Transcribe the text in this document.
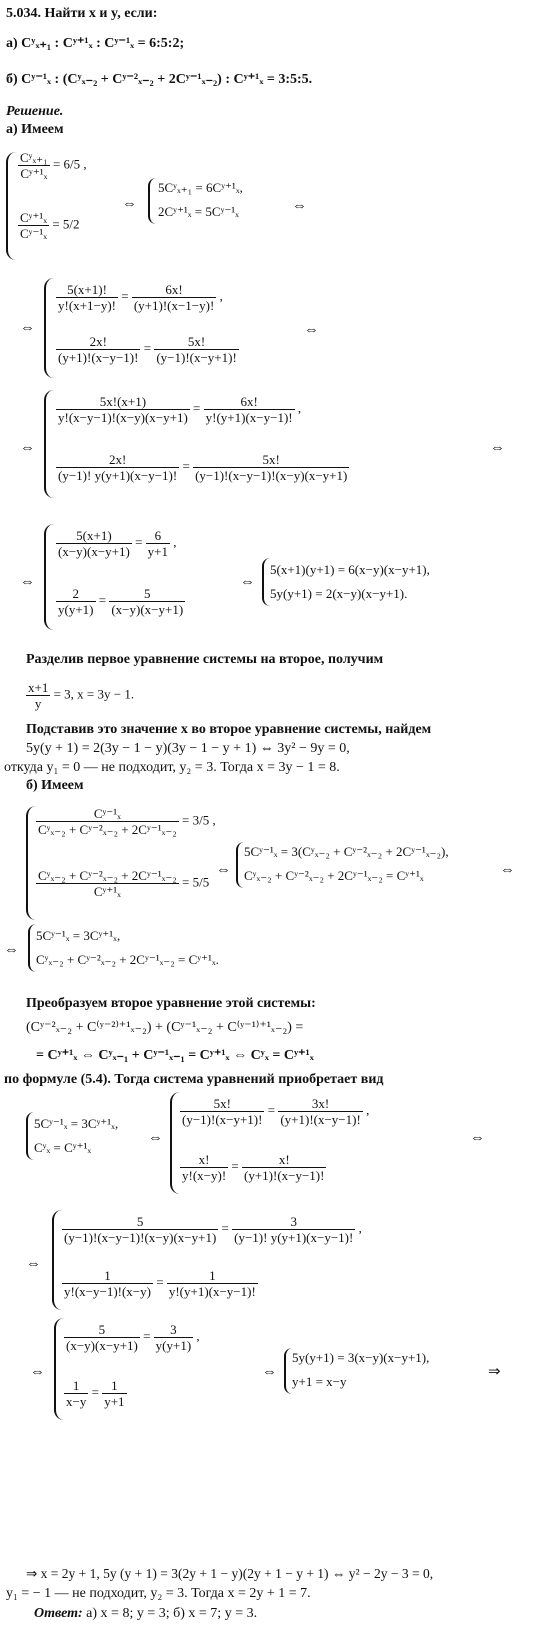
5.034. Найти x и y, если:
а) Cʸₓ₊₁ : Cʸ⁺¹ₓ : Cʸ⁻¹ₓ = 6:5:2;
б) Cʸ⁻¹ₓ : (Cʸₓ₋₂ + Cʸ⁻²ₓ₋₂ + 2Cʸ⁻¹ₓ₋₂) : Cʸ⁺¹ₓ = 3:5:5.
Решение.
а) Имеем
$\frac{\text{Cʸₓ₊₁}}{\text{Cʸ⁺¹ₓ}} = 6/5$ ,
$\frac{\text{Cʸ⁺¹ₓ}}{\text{Cʸ⁻¹ₓ}} = 5/2$
⇔
5Cʸₓ₊₁ = 6Cʸ⁺¹ₓ,
2Cʸ⁺¹ₓ = 5Cʸ⁻¹ₓ	⇔
⇔
$\frac{5(x+1)!}{y!(x+1-y)!} = \frac{6x!}{(y+1)!(x-1-y)!}$ ,
$\frac{2x!}{(y+1)!(x-y-1)!} = \frac{5x!}{(y-1)!(x-y+1)!}$
⇔
⇔
$\frac{5x!(x+1)}{y!(x-y-1)!(x-y)(x-y+1)} = \frac{6x!}{y!(y+1)(x-y-1)!}$ ,
$\frac{2x!}{(y-1)! y(y+1)(x-y-1)!} = \frac{5x!}{(y-1)!(x-y-1)!(x-y)(x-y+1)}$
⇔
⇔
$\frac{5(x+1)}{(x-y)(x-y+1)} = \frac{6}{y+1}$ ,
$\frac{2}{y(y+1)} = \frac{5}{(x-y)(x-y+1)}$
⇔
5(x+1)(y+1) = 6(x−y)(x−y+1),
5y(y+1) = 2(x−y)(x−y+1).
Разделив первое уравнение системы на второе, получим
$\frac{x+1}{y} = 3$, x = 3y − 1.
Подставив это значение x во второе уравнение системы, найдем
5y(y + 1) = 2(3y − 1 − y)(3y − 1 − y + 1) ⇔ 3y² − 9y = 0,
откуда y₁ = 0 — не подходит, y₂ = 3. Тогда x = 3y − 1 = 8.
б) Имеем
$\frac{\text{Cʸ⁻¹ₓ}}{\text{Cʸₓ₋₂ + Cʸ⁻²ₓ₋₂ + 2Cʸ⁻¹ₓ₋₂}} = 3/5$ ,
$\frac{\text{Cʸₓ₋₂ + Cʸ⁻²ₓ₋₂ + 2Cʸ⁻¹ₓ₋₂}}{\text{Cʸ⁺¹ₓ}} = 5/5$
⇔
5Cʸ⁻¹ₓ = 3(Cʸₓ₋₂ + Cʸ⁻²ₓ₋₂ + 2Cʸ⁻¹ₓ₋₂),
Cʸₓ₋₂ + Cʸ⁻²ₓ₋₂ + 2Cʸ⁻¹ₓ₋₂ = Cʸ⁺¹ₓ	⇔
⇔
5Cʸ⁻¹ₓ = 3Cʸ⁺¹ₓ,
Cʸₓ₋₂ + Cʸ⁻²ₓ₋₂ + 2Cʸ⁻¹ₓ₋₂ = Cʸ⁺¹ₓ.
Преобразуем второе уравнение этой системы:
(Cʸ⁻²ₓ₋₂ + C⁽ʸ⁻²⁾⁺¹ₓ₋₂) + (Cʸ⁻¹ₓ₋₂ + C⁽ʸ⁻¹⁾⁺¹ₓ₋₂) =
= Cʸ⁺¹ₓ ⇔ Cʸₓ₋₁ + Cʸ⁻¹ₓ₋₁ = Cʸ⁺¹ₓ ⇔ Cʸₓ = Cʸ⁺¹ₓ
по формуле (5.4). Тогда система уравнений приобретает вид
5Cʸ⁻¹ₓ = 3Cʸ⁺¹ₓ,
Cʸₓ = Cʸ⁺¹ₓ
⇔
$\frac{5x!}{(y-1)!(x-y+1)!} = \frac{3x!}{(y+1)!(x-y-1)!}$ ,
$\frac{x!}{y!(x-y)!} = \frac{x!}{(y+1)!(x-y-1)!}$
⇔
⇔
$\frac{5}{(y-1)!(x-y-1)!(x-y)(x-y+1)} = \frac{3}{(y-1)! y(y+1)(x-y-1)!}$ ,
$\frac{1}{y!(x-y-1)!(x-y)} = \frac{1}{y!(y+1)(x-y-1)!}$
⇔
$\frac{5}{(x-y)(x-y+1)} = \frac{3}{y(y+1)}$ ,
$\frac{1}{x-y} = \frac{1}{y+1}$
⇔
5y(y+1) = 3(x−y)(x−y+1),
y+1 = x−y
⇒
⇒ x = 2y + 1, 5y (y + 1) = 3(2y + 1 − y)(2y + 1 − y + 1) ⇔ y² − 2y − 3 = 0,
y₁ = − 1 — не подходит, y₂ = 3. Тогда x = 2y + 1 = 7.
Ответ: а) x = 8; y = 3; б) x = 7; y = 3.
